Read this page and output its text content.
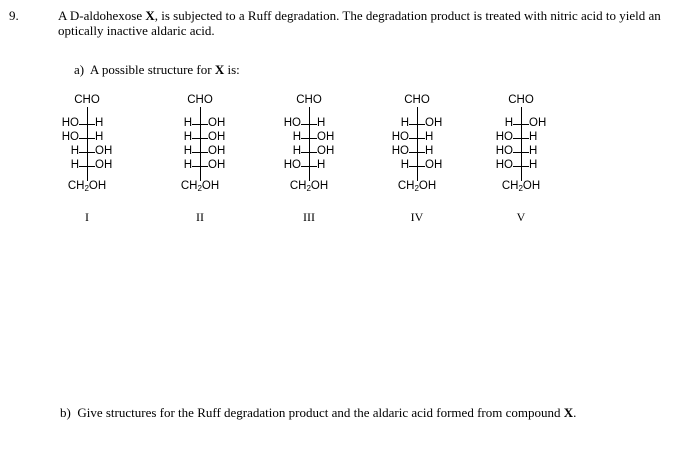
9.	A D-aldohexose X, is subjected to a Ruff degradation. The degradation product is treated with nitric acid to yield an optically inactive aldaric acid.
a) A possible structure for X is:
CHO
HO H
HO H
H OH
H OH
$CH_2OH$
I
CHO
H OH
H OH
H OH
H OH
$CH_2OH$
II
CHO
HO H
H OH
H OH
HO H
$CH_2OH$
III
CHO
H OH
HO H
HO H
H OH
$CH_2OH$
IV
CHO
H OH
HO H
HO H
HO H
$CH_2OH$
V
b) Give structures for the Ruff degradation product and the aldaric acid formed from compound X.
